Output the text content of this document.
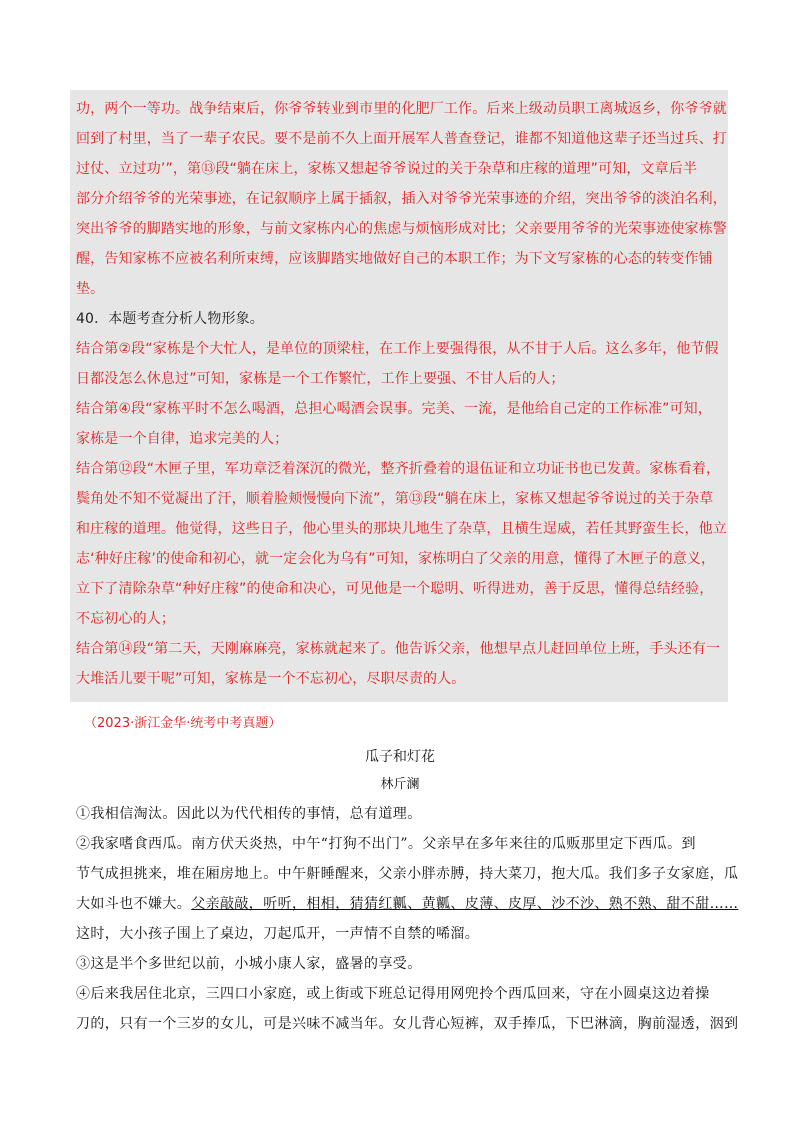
功，两个一等功。战争结束后，你爷爷转业到市里的化肥厂工作。后来上级动员职工离城返乡，你爷爷就

回到了村里，当了一辈子农民。要不是前不久上面开展军人普查登记，谁都不知道他这辈子还当过兵、打

过仗、立过功’”，第⑬段“躺在床上，家栋又想起爷爷说过的关于杂草和庄稼的道理”可知，文章后半

部分介绍爷爷的光荣事迹，在记叙顺序上属于插叙，插入对爷爷光荣事迹的介绍，突出爷爷的淡泊名利，

突出爷爷的脚踏实地的形象，与前文家栋内心的焦虑与烦恼形成对比；父亲要用爷爷的光荣事迹使家栋警

醒，告知家栋不应被名利所束缚，应该脚踏实地做好自己的本职工作；为下文写家栋的心态的转变作铺

垫。

40．本题考查分析人物形象。

结合第②段“家栋是个大忙人，是单位的顶梁柱，在工作上要强得很，从不甘于人后。这么多年，他节假

日都没怎么休息过”可知，家栋是一个工作繁忙，工作上要强、不甘人后的人；

结合第④段“家栋平时不怎么喝酒，总担心喝酒会误事。完美、一流，是他给自己定的工作标准”可知，

家栋是一个自律，追求完美的人；

结合第⑫段“木匣子里，军功章泛着深沉的微光，整齐折叠着的退伍证和立功证书也已发黄。家栋看着，

鬓角处不知不觉凝出了汗，顺着脸颊慢慢向下流”，第⑬段“躺在床上，家栋又想起爷爷说过的关于杂草

和庄稼的道理。他觉得，这些日子，他心里头的那块儿地生了杂草，且横生逞威，若任其野蛮生长，他立

志‘种好庄稼’的使命和初心，就一定会化为乌有”可知，家栋明白了父亲的用意，懂得了木匣子的意义，

立下了清除杂草“种好庄稼”的使命和决心，可见他是一个聪明、听得进劝，善于反思，懂得总结经验，

不忘初心的人；

结合第⑭段“第二天，天刚麻麻亮，家栋就起来了。他告诉父亲，他想早点儿赶回单位上班，手头还有一

大堆活儿要干呢”可知，家栋是一个不忘初心，尽职尽责的人。

（2023·浙江金华·统考中考真题）

瓜子和灯花

林斤澜

①我相信淘汰。因此以为代代相传的事情，总有道理。

②我家嗜食西瓜。南方伏天炎热，中午“打狗不出门”。父亲早在多年来往的瓜贩那里定下西瓜。到

节气成担挑来，堆在厢房地上。中午鼾睡醒来，父亲小胖赤膊，持大菜刀，抱大瓜。我们多子女家庭，瓜

大如斗也不嫌大。父亲敲敲，听听，相相，猜猜红瓤、黄瓤、皮薄、皮厚、沙不沙、熟不熟、甜不甜……

这时，大小孩子围上了桌边，刀起瓜开，一声情不自禁的唏溜。

③这是半个多世纪以前，小城小康人家，盛暑的享受。

④后来我居住北京，三四口小家庭，或上街或下班总记得用网兜拎个西瓜回来，守在小圆桌这边着操

刀的，只有一个三岁的女儿，可是兴味不减当年。女儿背心短裤，双手捧瓜，下巴淋滴，胸前湿透，洇到
